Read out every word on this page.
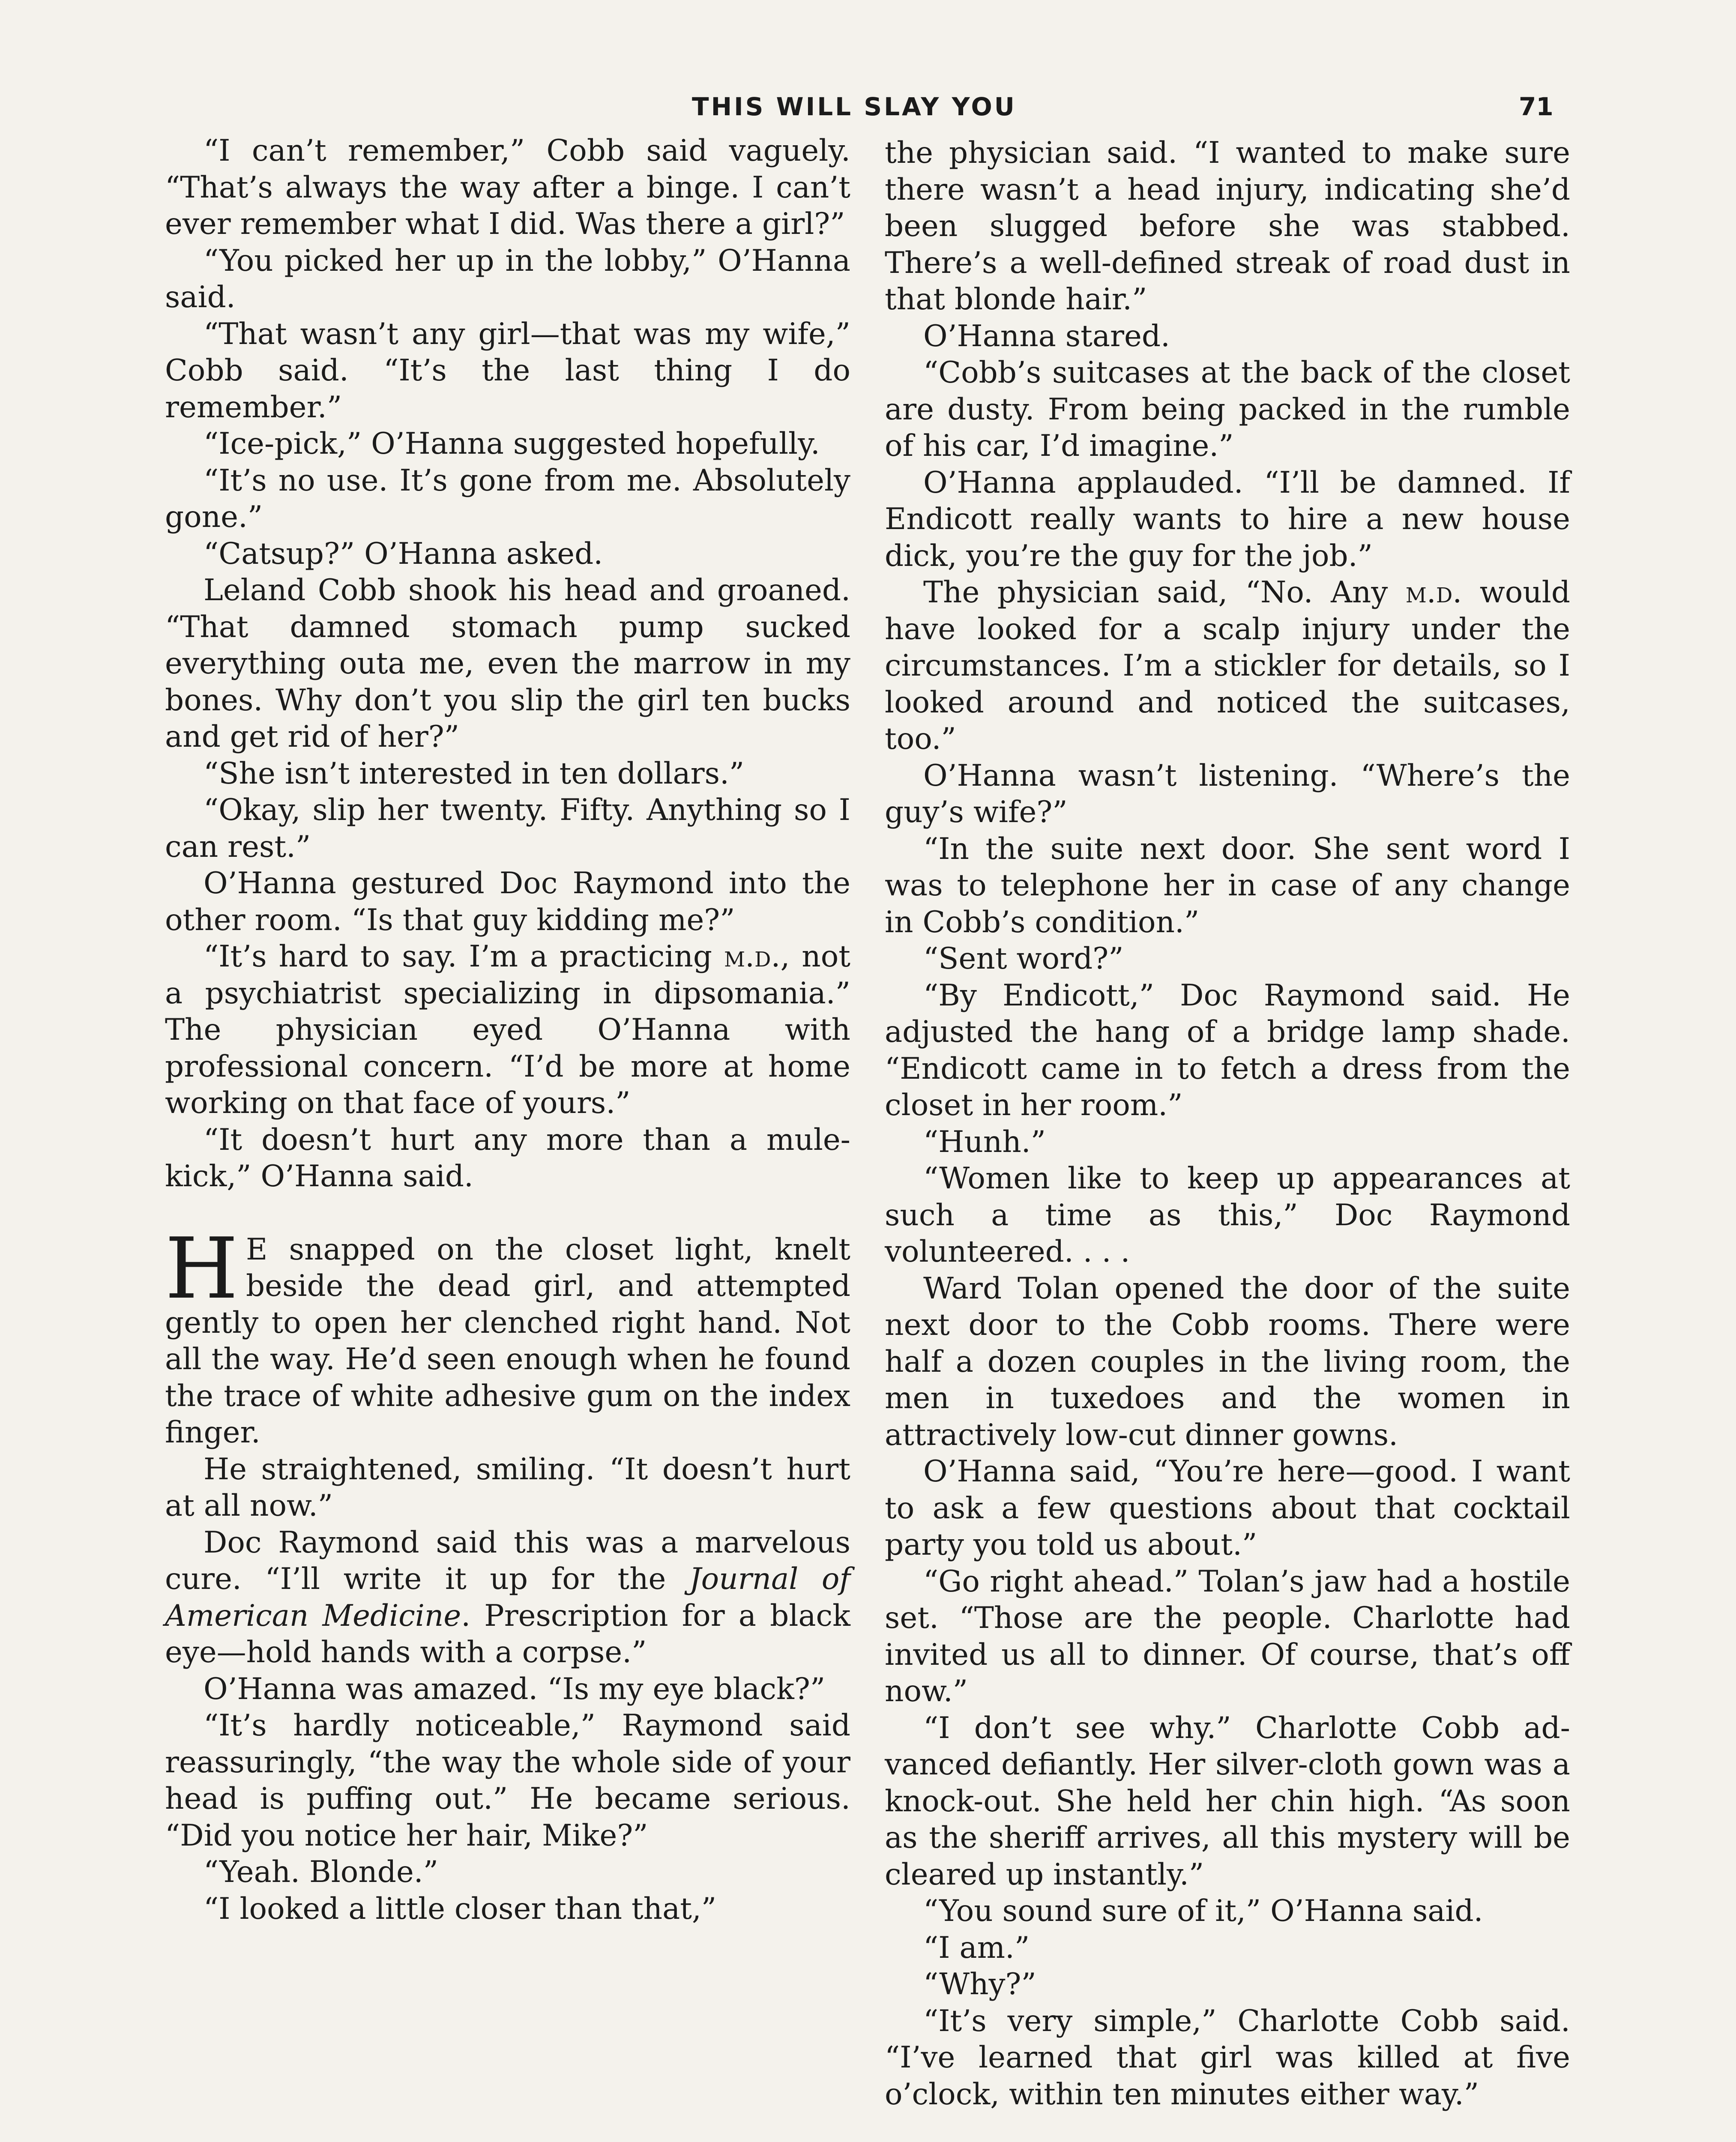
THIS WILL SLAY YOU	71

“I can’t remember,” Cobb said vaguely. “That’s always the way after a binge. I can’t ever remember what I did. Was there a girl?”

“You picked her up in the lobby,” O’Hanna said.

“That wasn’t any girl—that was my wife,” Cobb said. “It’s the last thing I do remember.”

“Ice-pick,” O’Hanna suggested hopefully.

“It’s no use. It’s gone from me. Absolutely gone.”

“Catsup?” O’Hanna asked.

Leland Cobb shook his head and groaned. “That damned stomach pump sucked everything outa me, even the marrow in my bones. Why don’t you slip the girl ten bucks and get rid of her?”

“She isn’t interested in ten dollars.”

“Okay, slip her twenty. Fifty. Anything so I can rest.”

O’Hanna gestured Doc Raymond into the other room. “Is that guy kidding me?”

“It’s hard to say. I’m a practicing m.d., not a psychiatrist specializing in dipsomania.” The physician eyed O’Hanna with professional concern. “I’d be more at home working on that face of yours.”

“It doesn’t hurt any more than a mule-kick,” O’Hanna said.

H E snapped on the closet light, knelt beside the dead girl, and attempted gently to open her clenched right hand. Not all the way. He’d seen enough when he found the trace of white adhesive gum on the index finger.

He straightened, smiling. “It doesn’t hurt at all now.”

Doc Raymond said this was a marvelous cure. “I’ll write it up for the Journal of American Medicine. Prescription for a black eye—hold hands with a corpse.”

O’Hanna was amazed. “Is my eye black?”

“It’s hardly noticeable,” Raymond said reassuringly, “the way the whole side of your head is puffing out.” He became serious. “Did you notice her hair, Mike?”

“Yeah. Blonde.”

“I looked a little closer than that,”

the physician said. “I wanted to make sure there wasn’t a head injury, indicating she’d been slugged before she was stabbed. There’s a well-defined streak of road dust in that blonde hair.”

O’Hanna stared.

“Cobb’s suitcases at the back of the closet are dusty. From being packed in the rumble of his car, I’d imagine.”

O’Hanna applauded. “I’ll be damned. If Endicott really wants to hire a new house dick, you’re the guy for the job.”

The physician said, “No. Any m.d. would have looked for a scalp injury under the circumstances. I’m a stickler for details, so I looked around and noticed the suitcases, too.”

O’Hanna wasn’t listening. “Where’s the guy’s wife?”

“In the suite next door. She sent word I was to telephone her in case of any change in Cobb’s condition.”

“Sent word?”

“By Endicott,” Doc Raymond said. He adjusted the hang of a bridge lamp shade. “Endicott came in to fetch a dress from the closet in her room.”

“Hunh.”

“Women like to keep up appearances at such a time as this,” Doc Raymond volunteered. . . .

Ward Tolan opened the door of the suite next door to the Cobb rooms. There were half a dozen couples in the living room, the men in tuxedoes and the women in attractively low-cut dinner gowns.

O’Hanna said, “You’re here—good. I want to ask a few questions about that cocktail party you told us about.”

“Go right ahead.” Tolan’s jaw had a hostile set. “Those are the people. Charlotte had invited us all to dinner. Of course, that’s off now.”

“I don’t see why.” Charlotte Cobb advanced defiantly. Her silver-cloth gown was a knock-out. She held her chin high. “As soon as the sheriff arrives, all this mystery will be cleared up instantly.”

“You sound sure of it,” O’Hanna said.

“I am.”

“Why?”

“It’s very simple,” Charlotte Cobb said. “I’ve learned that girl was killed at five o’clock, within ten minutes either way.”
